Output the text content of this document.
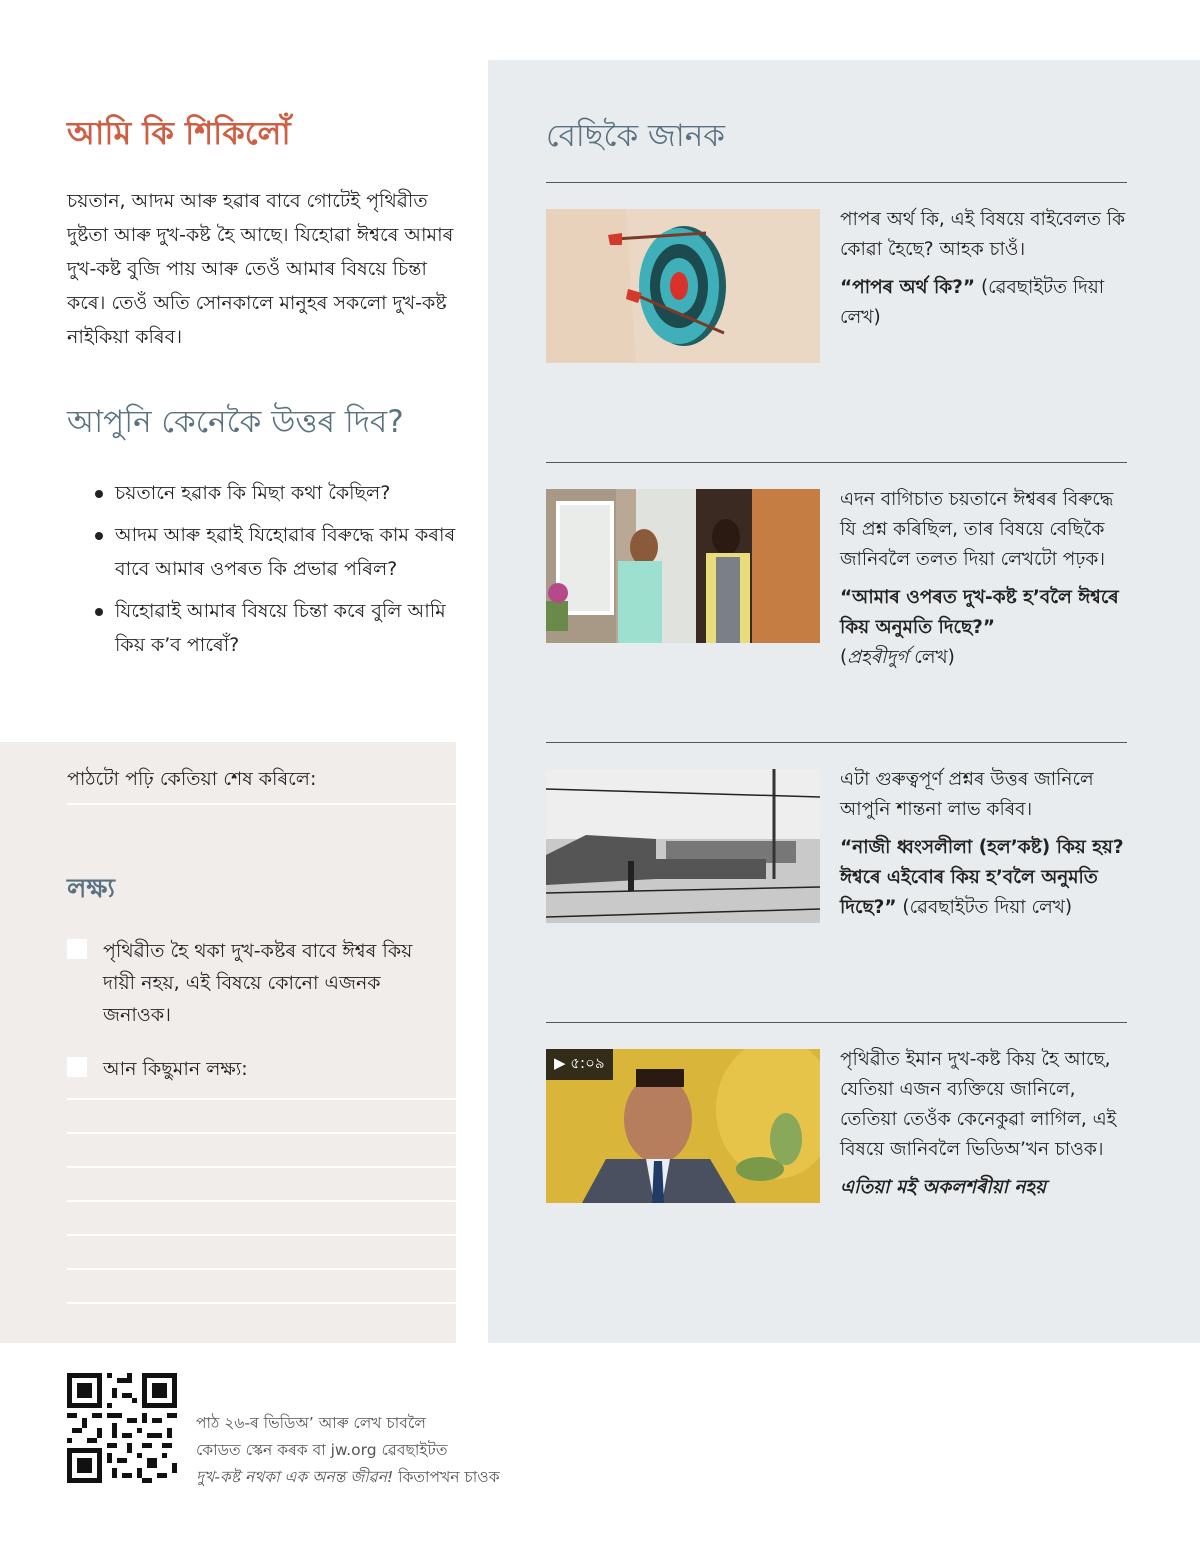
আমি কি শিকিলোঁ

চয়তান, আদম আৰু হৱাৰ বাবে গোটেই পৃথিৱীত দুষ্টতা আৰু দুখ-কষ্ট হৈ আছে। যিহোৱা ঈশ্বৰে আমাৰ দুখ-কষ্ট বুজি পায় আৰু তেওঁ আমাৰ বিষয়ে চিন্তা কৰে। তেওঁ অতি সোনকালে মানুহৰ সকলো দুখ-কষ্ট নাইকিয়া কৰিব।

আপুনি কেনেকৈ উত্তৰ দিব?
চয়তানে হৱাক কি মিছা কথা কৈছিল?
আদম আৰু হৱাই যিহোৱাৰ বিৰুদ্ধে কাম কৰাৰ বাবে আমাৰ ওপৰত কি প্ৰভাৱ পৰিল?
যিহোৱাই আমাৰ বিষয়ে চিন্তা কৰে বুলি আমি কিয় ক’ব পাৰোঁ?
পাঠটো পঢ়ি কেতিয়া শেষ কৰিলে:
লক্ষ্য
পৃথিৱীত হৈ থকা দুখ-কষ্টৰ বাবে ঈশ্বৰ কিয় দায়ী নহয়, এই বিষয়ে কোনো এজনক জনাওক।
আন কিছুমান লক্ষ্য:
বেছিকৈ জানক

পাপৰ অৰ্থ কি, এই বিষয়ে বাইবেলত কি কোৱা হৈছে? আহক চাওঁ।

“পাপৰ অৰ্থ কি?” (ৱেবছাইটত দিয়া লেখ)

এদন বাগিচাত চয়তানে ঈশ্বৰৰ বিৰুদ্ধে যি প্ৰশ্ন কৰিছিল, তাৰ বিষয়ে বেছিকৈ জানিবলৈ তলত দিয়া লেখটো পঢ়ক।

“আমাৰ ওপৰত দুখ-কষ্ট হ’বলৈ ঈশ্বৰে কিয় অনুমতি দিছে?”
(প্ৰহৰীদুৰ্গ লেখ)

এটা গুৰুত্বপূৰ্ণ প্ৰশ্নৰ উত্তৰ জানিলে আপুনি শান্তনা লাভ কৰিব।

“নাজী ধ্বংসলীলা (হল’কষ্ট) কিয় হয়? ঈশ্বৰে এইবোৰ কিয় হ’বলৈ অনুমতি দিছে?” (ৱেবছাইটত দিয়া লেখ)

▶ ৫:০৯	পৃথিৱীত ইমান দুখ-কষ্ট কিয় হৈ আছে, যেতিয়া এজন ব্যক্তিয়ে জানিলে, তেতিয়া তেওঁক কেনেকুৱা লাগিল, এই বিষয়ে জানিবলৈ ভিডিঅ’খন চাওক।

এতিয়া মই অকলশৰীয়া নহয়

পাঠ ২৬-ৰ ভিডিঅ’ আৰু লেখ চাবলৈ
কোডত স্কেন কৰক বা jw.org ৱেবছাইটত
দুখ-কষ্ট নথকা এক অনন্ত জীৱন! কিতাপখন চাওক
